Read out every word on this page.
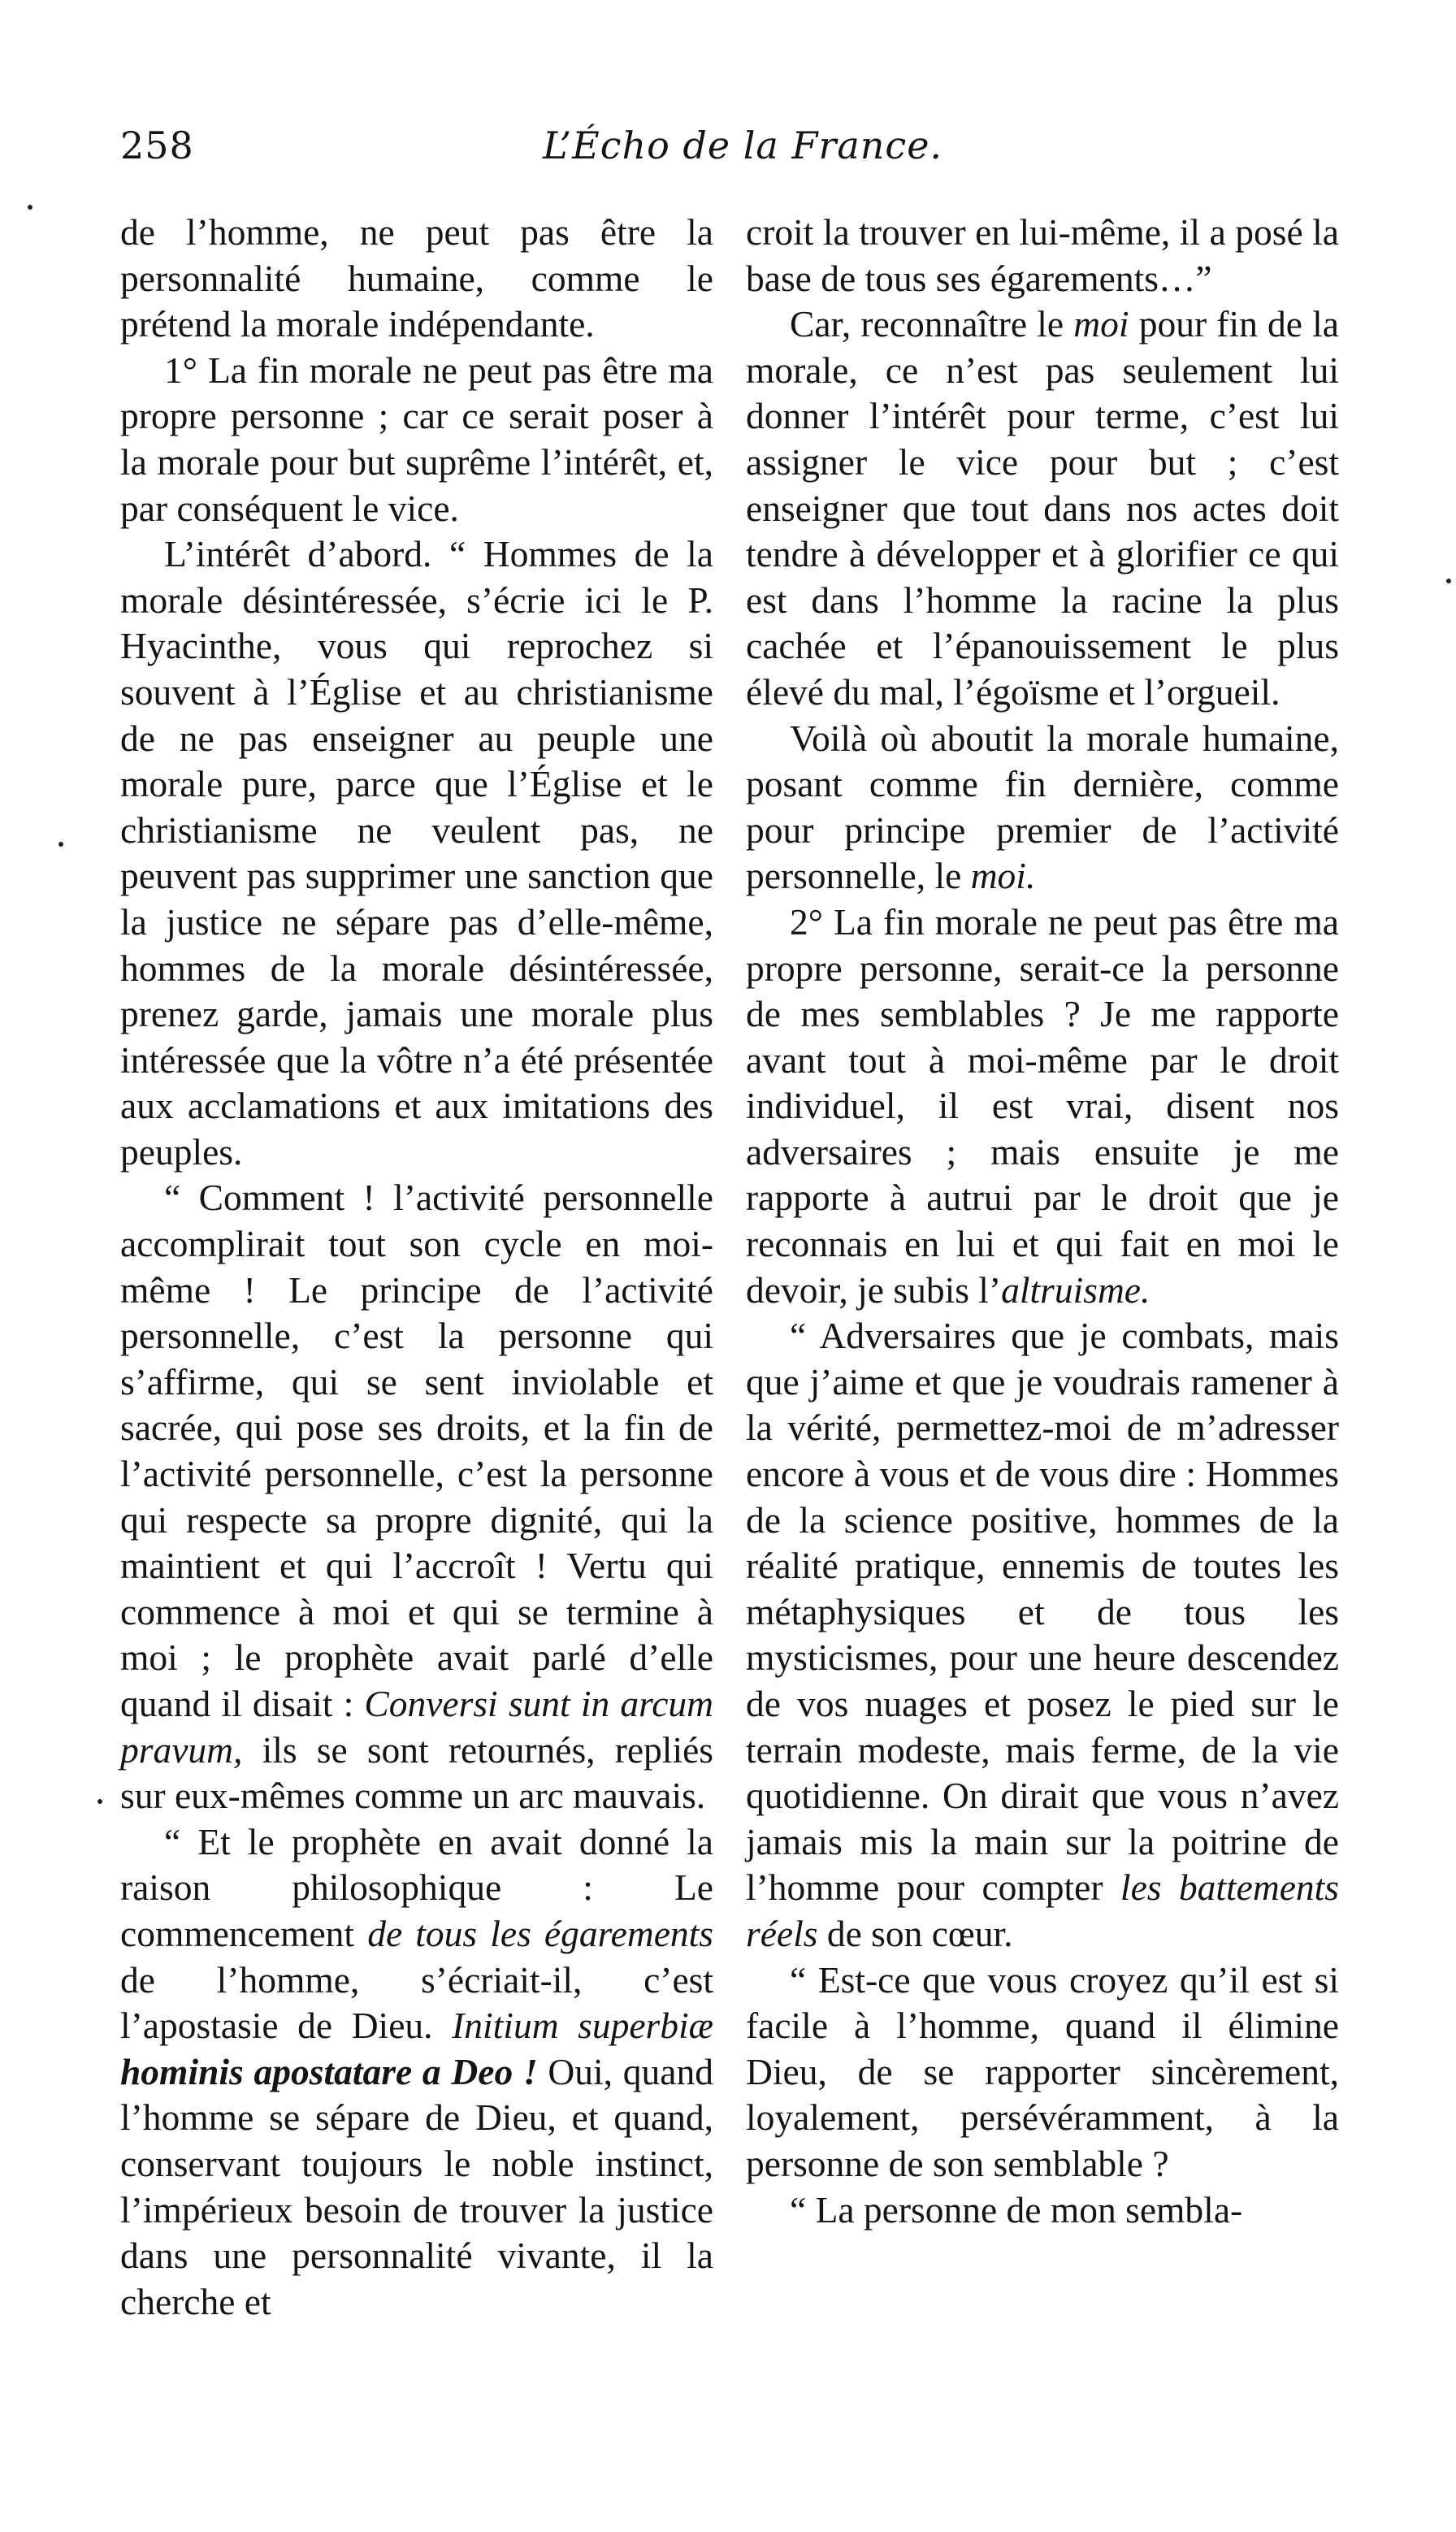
258	L’Écho de la France.

de l’homme, ne peut pas être la personnalité humaine, comme le prétend la morale indépendante.

1° La fin morale ne peut pas être ma propre personne ; car ce serait poser à la morale pour but suprême l’intérêt, et, par conséquent le vice.

L’intérêt d’abord. “ Hommes de la morale désintéressée, s’écrie ici le P. Hyacinthe, vous qui reprochez si souvent à l’Église et au christianisme de ne pas enseigner au peuple une morale pure, parce que l’Église et le christianisme ne veulent pas, ne peuvent pas supprimer une sanction que la justice ne sépare pas d’elle-même, hommes de la morale désintéressée, prenez garde, jamais une morale plus intéressée que la vôtre n’a été présentée aux acclamations et aux imitations des peuples.

“ Comment ! l’activité personnelle accomplirait tout son cycle en moi-même ! Le principe de l’activité personnelle, c’est la personne qui s’affirme, qui se sent inviolable et sacrée, qui pose ses droits, et la fin de l’activité personnelle, c’est la personne qui respecte sa propre dignité, qui la maintient et qui l’accroît ! Vertu qui commence à moi et qui se termine à moi ; le prophète avait parlé d’elle quand il disait : Conversi sunt in arcum pravum, ils se sont retournés, repliés sur eux-mêmes comme un arc mauvais.

“ Et le prophète en avait donné la raison philosophique : Le commencement de tous les égarements de l’homme, s’écriait-il, c’est l’apostasie de Dieu. Initium superbiæ hominis apostatare a Deo ! Oui, quand l’homme se sépare de Dieu, et quand, conservant toujours le noble instinct, l’impérieux besoin de trouver la justice dans une personnalité vivante, il la cherche et

croit la trouver en lui-même, il a posé la base de tous ses égarements…”

Car, reconnaître le moi pour fin de la morale, ce n’est pas seulement lui donner l’intérêt pour terme, c’est lui assigner le vice pour but ; c’est enseigner que tout dans nos actes doit tendre à développer et à glorifier ce qui est dans l’homme la racine la plus cachée et l’épanouissement le plus élevé du mal, l’égoïsme et l’orgueil.

Voilà où aboutit la morale humaine, posant comme fin dernière, comme pour principe premier de l’activité personnelle, le moi.

2° La fin morale ne peut pas être ma propre personne, serait-ce la personne de mes semblables ? Je me rapporte avant tout à moi-même par le droit individuel, il est vrai, disent nos adversaires ; mais ensuite je me rapporte à autrui par le droit que je reconnais en lui et qui fait en moi le devoir, je subis l’altruisme.

“ Adversaires que je combats, mais que j’aime et que je voudrais ramener à la vérité, permettez-moi de m’adresser encore à vous et de vous dire : Hommes de la science positive, hommes de la réalité pratique, ennemis de toutes les métaphysiques et de tous les mysticismes, pour une heure descendez de vos nuages et posez le pied sur le terrain modeste, mais ferme, de la vie quotidienne. On dirait que vous n’avez jamais mis la main sur la poitrine de l’homme pour compter les battements réels de son cœur.

“ Est-ce que vous croyez qu’il est si facile à l’homme, quand il élimine Dieu, de se rapporter sincèrement, loyalement, persévéramment, à la personne de son semblable ?

“ La personne de mon sembla-
